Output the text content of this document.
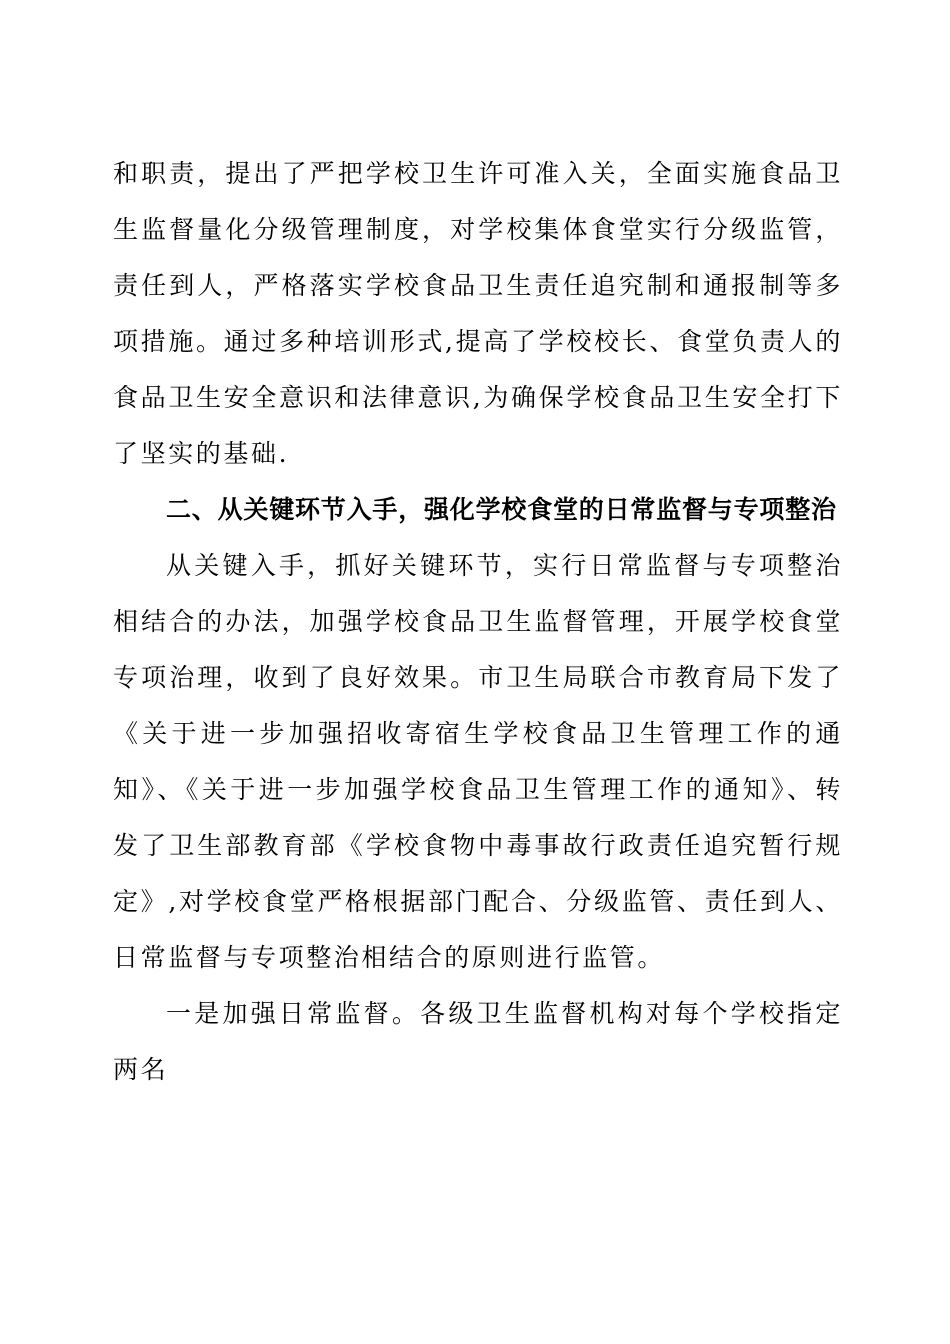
和职责，提出了严把学校卫生许可准入关，全面实施食品卫生监督量化分级管理制度，对学校集体食堂实行分级监管，责任到人，严格落实学校食品卫生责任追究制和通报制等多项措施。通过多种培训形式,提高了学校校长、食堂负责人的食品卫生安全意识和法律意识,为确保学校食品卫生安全打下了坚实的基础.

二、从关键环节入手，强化学校食堂的日常监督与专项整治

从关键入手，抓好关键环节，实行日常监督与专项整治相结合的办法，加强学校食品卫生监督管理，开展学校食堂专项治理，收到了良好效果。市卫生局联合市教育局下发了《关于进一步加强招收寄宿生学校食品卫生管理工作的通知》、《关于进一步加强学校食品卫生管理工作的通知》、转发了卫生部教育部《学校食物中毒事故行政责任追究暂行规定》,对学校食堂严格根据部门配合、分级监管、责任到人、日常监督与专项整治相结合的原则进行监管。

一是加强日常监督。各级卫生监督机构对每个学校指定两名
